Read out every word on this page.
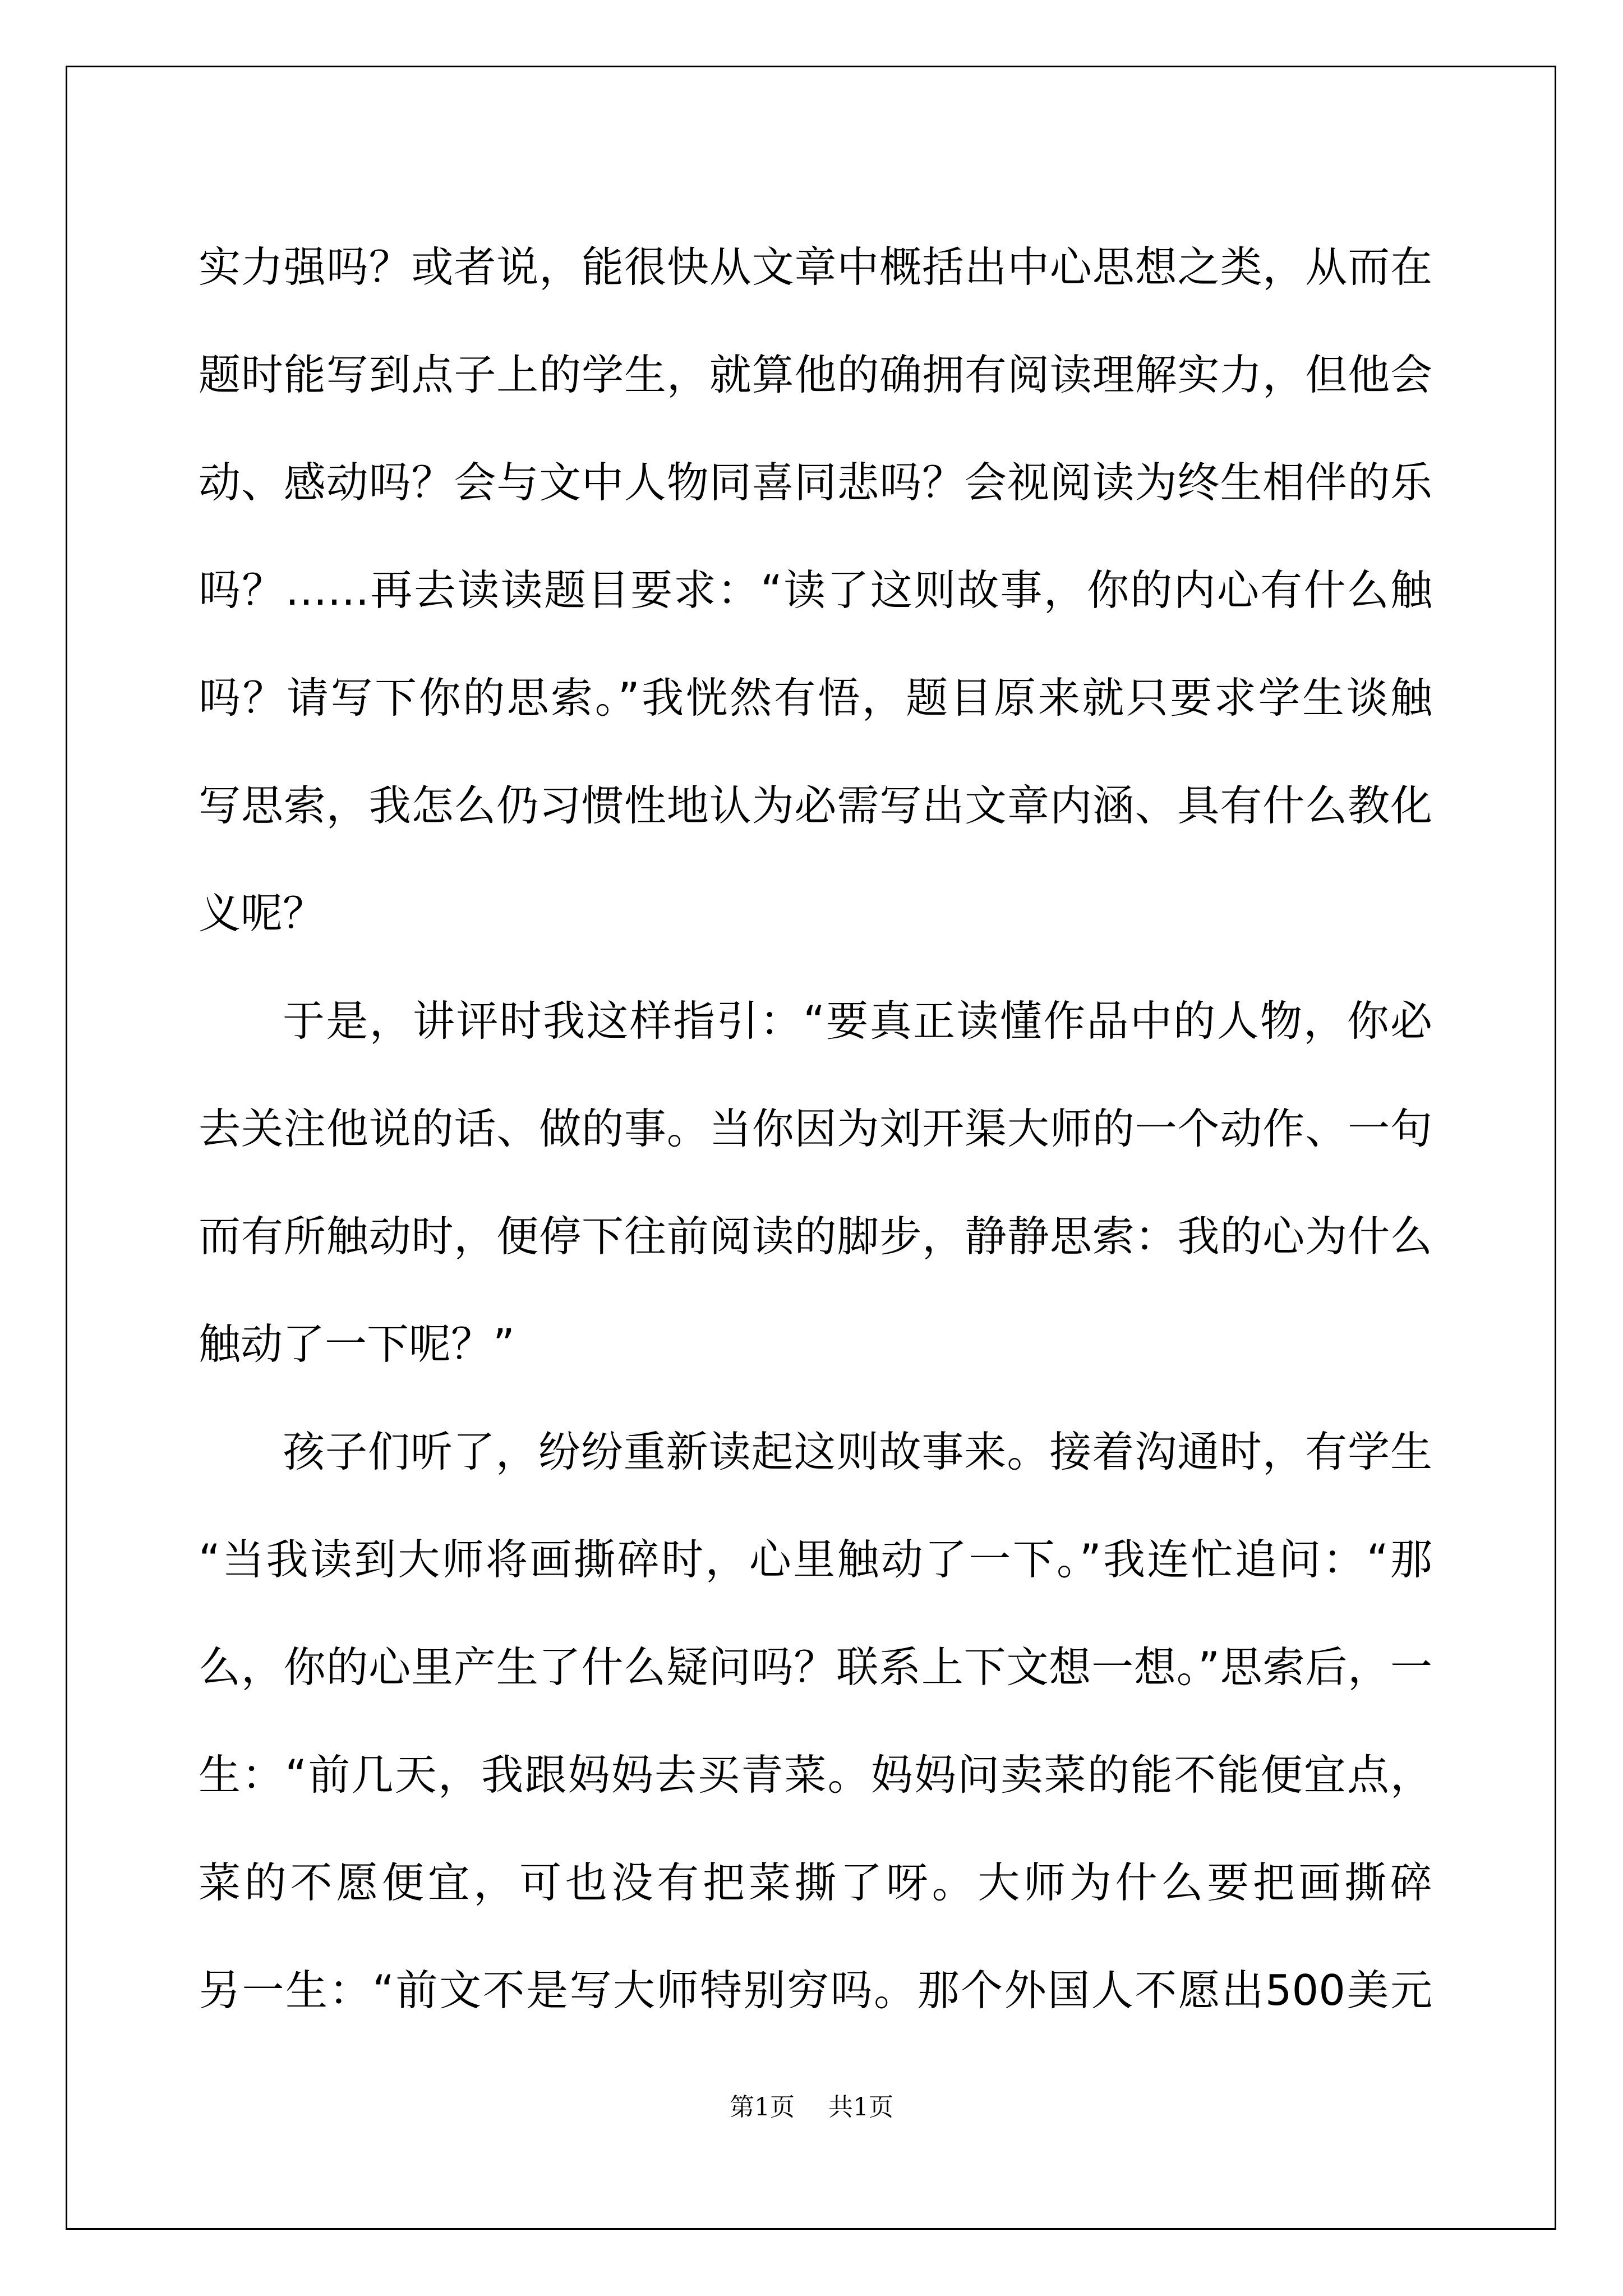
实力强吗？或者说，能很快从文章中概括出中心思想之类，从而在
题时能写到点子上的学生，就算他的确拥有阅读理解实力，但他会
动、感动吗？会与文中人物同喜同悲吗？会视阅读为终生相伴的乐
吗？……再去读读题目要求：“读了这则故事，你的内心有什么触
吗？请写下你的思索。”我恍然有悟，题目原来就只要求学生谈触
写思索，我怎么仍习惯性地认为必需写出文章内涵、具有什么教化
义呢？
于是，讲评时我这样指引：“要真正读懂作品中的人物，你必
去关注他说的话、做的事。当你因为刘开渠大师的一个动作、一句
而有所触动时，便停下往前阅读的脚步，静静思索：我的心为什么
触动了一下呢？”
孩子们听了，纷纷重新读起这则故事来。接着沟通时，有学生
“当我读到大师将画撕碎时，心里触动了一下。”我连忙追问：“那
么，你的心里产生了什么疑问吗？联系上下文想一想。”思索后，一
生：“前几天，我跟妈妈去买青菜。妈妈问卖菜的能不能便宜点，
菜的不愿便宜，可也没有把菜撕了呀。大师为什么要把画撕碎
另一生：“前文不是写大师特别穷吗。那个外国人不愿出500美元
第1页 共1页
